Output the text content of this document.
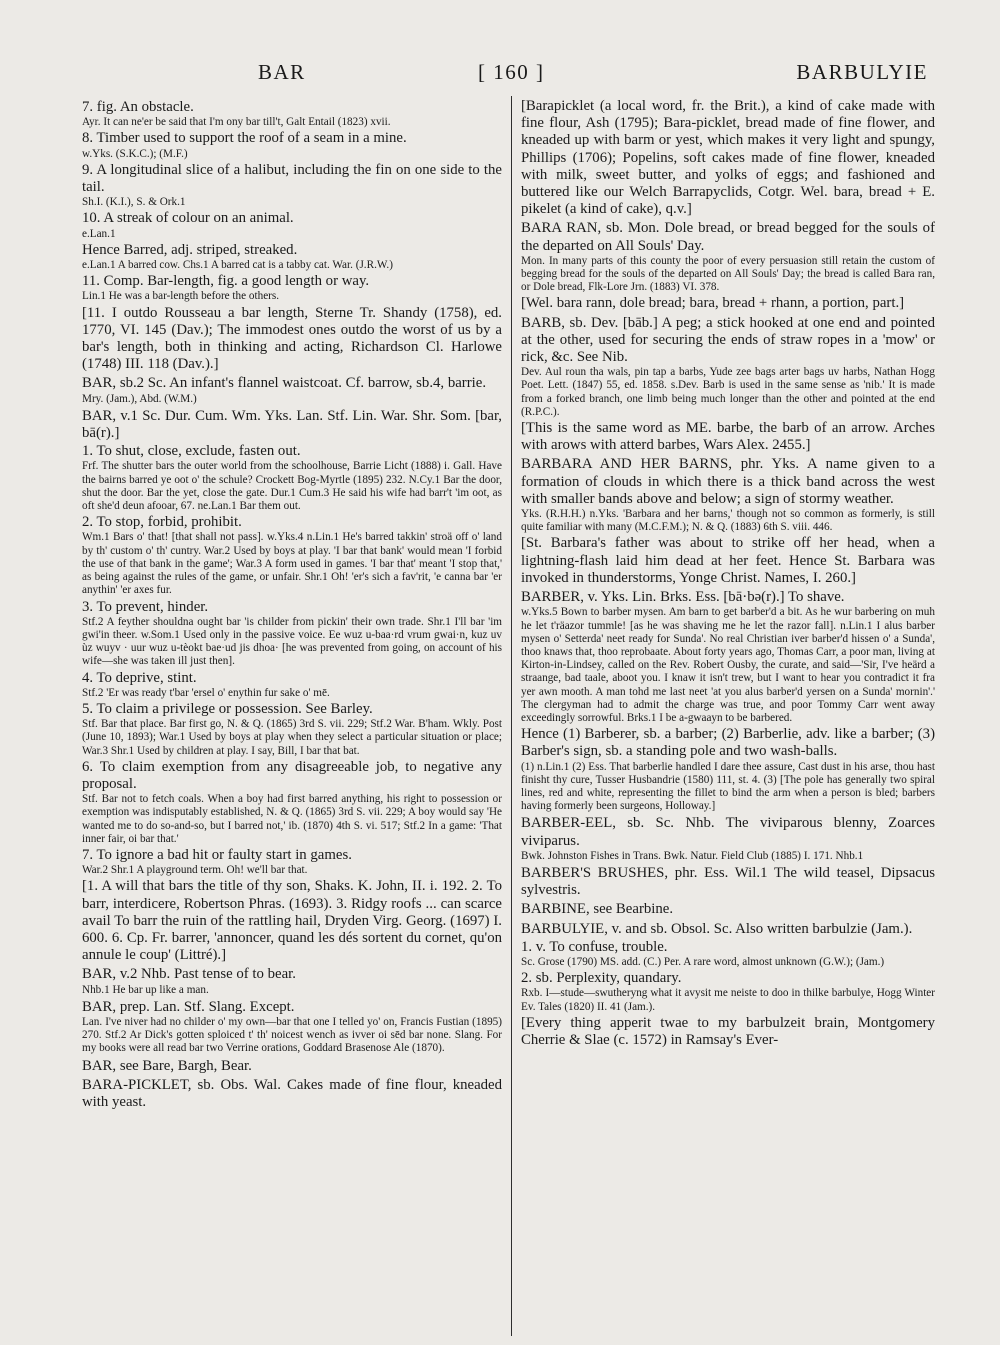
BAR	[ 160 ]	BARBULYIE

7. fig. An obstacle.

Ayr. It can ne'er be said that I'm ony bar till't, Galt Entail (1823) xvii.

8. Timber used to support the roof of a seam in a mine.

w.Yks. (S.K.C.); (M.F.)

9. A longitudinal slice of a halibut, including the fin on one side to the tail.

Sh.I. (K.I.), S. & Ork.1

10. A streak of colour on an animal.

e.Lan.1

Hence Barred, adj. striped, streaked.

e.Lan.1 A barred cow. Chs.1 A barred cat is a tabby cat. War. (J.R.W.)

11. Comp. Bar-length, fig. a good length or way.

Lin.1 He was a bar-length before the others.

[11. I outdo Rousseau a bar length, Sterne Tr. Shandy (1758), ed. 1770, VI. 145 (Dav.); The immodest ones outdo the worst of us by a bar's length, both in thinking and acting, Richardson Cl. Harlowe (1748) III. 118 (Dav.).]

BAR, sb.2 Sc. An infant's flannel waistcoat. Cf. barrow, sb.4, barrie.

Mry. (Jam.), Abd. (W.M.)

BAR, v.1 Sc. Dur. Cum. Wm. Yks. Lan. Stf. Lin. War. Shr. Som. [bar, bā(r).]

1. To shut, close, exclude, fasten out.

Frf. The shutter bars the outer world from the schoolhouse, Barrie Licht (1888) i. Gall. Have the bairns barred ye oot o' the schule? Crockett Bog-Myrtle (1895) 232. N.Cy.1 Bar the door, shut the door. Bar the yet, close the gate. Dur.1 Cum.3 He said his wife had barr't 'im oot, as oft she'd deun afooar, 67. ne.Lan.1 Bar them out.

2. To stop, forbid, prohibit.

Wm.1 Bars o' that! [that shall not pass]. w.Yks.4 n.Lin.1 He's barred takkin' stroä off o' land by th' custom o' th' cuntry. War.2 Used by boys at play. 'I bar that bank' would mean 'I forbid the use of that bank in the game'; War.3 A form used in games. 'I bar that' meant 'I stop that,' as being against the rules of the game, or unfair. Shr.1 Oh! 'er's sich a fav'rit, 'e canna bar 'er anythin' 'er axes fur.

3. To prevent, hinder.

Stf.2 A feyther shouldna ought bar 'is childer from pickin' their own trade. Shr.1 I'll bar 'im gwi'in theer. w.Som.1 Used only in the passive voice. Ee wuz u-baa·rd vrum gwai·n, kuz uv ùz wuyv · uur wuz u-tèokt bae·ud jis dhoa· [he was prevented from going, on account of his wife—she was taken ill just then].

4. To deprive, stint.

Stf.2 'Er was ready t'bar 'ersel o' enythin fur sake o' mē.

5. To claim a privilege or possession. See Barley.

Stf. Bar that place. Bar first go, N. & Q. (1865) 3rd S. vii. 229; Stf.2 War. B'ham. Wkly. Post (June 10, 1893); War.1 Used by boys at play when they select a particular situation or place; War.3 Shr.1 Used by children at play. I say, Bill, I bar that bat.

6. To claim exemption from any disagreeable job, to negative any proposal.

Stf. Bar not to fetch coals. When a boy had first barred anything, his right to possession or exemption was indisputably established, N. & Q. (1865) 3rd S. vii. 229; A boy would say 'He wanted me to do so-and-so, but I barred not,' ib. (1870) 4th S. vi. 517; Stf.2 In a game: 'That inner fair, oi bar that.'

7. To ignore a bad hit or faulty start in games.

War.2 Shr.1 A playground term. Oh! we'll bar that.

[1. A will that bars the title of thy son, Shaks. K. John, II. i. 192. 2. To barr, interdicere, Robertson Phras. (1693). 3. Ridgy roofs ... can scarce avail To barr the ruin of the rattling hail, Dryden Virg. Georg. (1697) I. 600. 6. Cp. Fr. barrer, 'annoncer, quand les dés sortent du cornet, qu'on annule le coup' (Littré).]

BAR, v.2 Nhb. Past tense of to bear.

Nhb.1 He bar up like a man.

BAR, prep. Lan. Stf. Slang. Except.

Lan. I've niver had no childer o' my own—bar that one I telled yo' on, Francis Fustian (1895) 270. Stf.2 Ar Dick's gotten sploiced t' th' noicest wench as ivver oi sēd bar none. Slang. For my books were all read bar two Verrine orations, Goddard Brasenose Ale (1870).

BAR, see Bare, Bargh, Bear.

BARA-PICKLET, sb. Obs. Wal. Cakes made of fine flour, kneaded with yeast.

[Barapicklet (a local word, fr. the Brit.), a kind of cake made with fine flour, Ash (1795); Bara-picklet, bread made of fine flower, and kneaded up with barm or yest, which makes it very light and spungy, Phillips (1706); Popelins, soft cakes made of fine flower, kneaded with milk, sweet butter, and yolks of eggs; and fashioned and buttered like our Welch Barrapyclids, Cotgr. Wel. bara, bread + E. pikelet (a kind of cake), q.v.]

BARA RAN, sb. Mon. Dole bread, or bread begged for the souls of the departed on All Souls' Day.

Mon. In many parts of this county the poor of every persuasion still retain the custom of begging bread for the souls of the departed on All Souls' Day; the bread is called Bara ran, or Dole bread, Flk-Lore Jrn. (1883) VI. 378.

[Wel. bara rann, dole bread; bara, bread + rhann, a portion, part.]

BARB, sb. Dev. [bāb.] A peg; a stick hooked at one end and pointed at the other, used for securing the ends of straw ropes in a 'mow' or rick, &c. See Nib.

Dev. Aul roun tha wals, pin tap a barbs, Yude zee bags arter bags uv harbs, Nathan Hogg Poet. Lett. (1847) 55, ed. 1858. s.Dev. Barb is used in the same sense as 'nib.' It is made from a forked branch, one limb being much longer than the other and pointed at the end (R.P.C.).

[This is the same word as ME. barbe, the barb of an arrow. Arches with arows with atterd barbes, Wars Alex. 2455.]

BARBARA AND HER BARNS, phr. Yks. A name given to a formation of clouds in which there is a thick band across the west with smaller bands above and below; a sign of stormy weather.

Yks. (R.H.H.) n.Yks. 'Barbara and her barns,' though not so common as formerly, is still quite familiar with many (M.C.F.M.); N. & Q. (1883) 6th S. viii. 446.

[St. Barbara's father was about to strike off her head, when a lightning-flash laid him dead at her feet. Hence St. Barbara was invoked in thunderstorms, Yonge Christ. Names, I. 260.]

BARBER, v. Yks. Lin. Brks. Ess. [bā·bə(r).] To shave.

w.Yks.5 Bown to barber mysen. Am barn to get barber'd a bit. As he wur barbering on muh he let t'räazor tummle! [as he was shaving me he let the razor fall]. n.Lin.1 I alus barber mysen o' Setterda' neet ready for Sunda'. No real Christian iver barber'd hissen o' a Sunda', thoo knaws that, thoo reprobaate. About forty years ago, Thomas Carr, a poor man, living at Kirton-in-Lindsey, called on the Rev. Robert Ousby, the curate, and said—'Sir, I've heärd a straange, bad taale, aboot you. I knaw it isn't trew, but I want to hear you contradict it fra yer awn mooth. A man tohd me last neet 'at you alus barber'd yersen on a Sunda' mornin'.' The clergyman had to admit the charge was true, and poor Tommy Carr went away exceedingly sorrowful. Brks.1 I be a-gwaayn to be barbered.

Hence (1) Barberer, sb. a barber; (2) Barberlie, adv. like a barber; (3) Barber's sign, sb. a standing pole and two wash-balls.

(1) n.Lin.1 (2) Ess. That barberlie handled I dare thee assure, Cast dust in his arse, thou hast finisht thy cure, Tusser Husbandrie (1580) 111, st. 4. (3) [The pole has generally two spiral lines, red and white, representing the fillet to bind the arm when a person is bled; barbers having formerly been surgeons, Holloway.]

BARBER-EEL, sb. Sc. Nhb. The viviparous blenny, Zoarces viviparus.

Bwk. Johnston Fishes in Trans. Bwk. Natur. Field Club (1885) I. 171. Nhb.1

BARBER'S BRUSHES, phr. Ess. Wil.1 The wild teasel, Dipsacus sylvestris.

BARBINE, see Bearbine.

BARBULYIE, v. and sb. Obsol. Sc. Also written barbulzie (Jam.).

1. v. To confuse, trouble.

Sc. Grose (1790) MS. add. (C.) Per. A rare word, almost unknown (G.W.); (Jam.)

2. sb. Perplexity, quandary.

Rxb. I—stude—swutheryng what it avysit me neiste to doo in thilke barbulye, Hogg Winter Ev. Tales (1820) II. 41 (Jam.).

[Every thing apperit twae to my barbulzeit brain, Montgomery Cherrie & Slae (c. 1572) in Ramsay's Ever-
